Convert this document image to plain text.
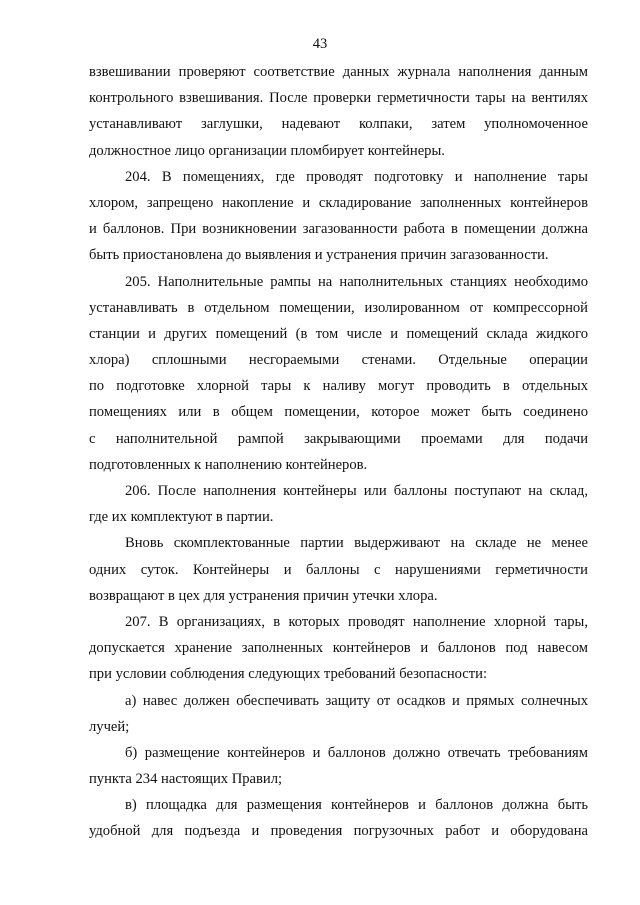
43
взвешивании проверяют соответствие данных журнала наполнения данным
контрольного взвешивания. После проверки герметичности тары на вентилях
устанавливают заглушки, надевают колпаки, затем уполномоченное
должностное лицо организации пломбирует контейнеры.
204. В помещениях, где проводят подготовку и наполнение тары
хлором, запрещено накопление и складирование заполненных контейнеров
и баллонов. При возникновении загазованности работа в помещении должна
быть приостановлена до выявления и устранения причин загазованности.
205. Наполнительные рампы на наполнительных станциях необходимо
устанавливать в отдельном помещении, изолированном от компрессорной
станции и других помещений (в том числе и помещений склада жидкого
хлора) сплошными несгораемыми стенами. Отдельные операции
по подготовке хлорной тары к наливу могут проводить в отдельных
помещениях или в общем помещении, которое может быть соединено
с наполнительной рампой закрывающими проемами для подачи
подготовленных к наполнению контейнеров.
206. После наполнения контейнеры или баллоны поступают на склад,
где их комплектуют в партии.
Вновь скомплектованные партии выдерживают на складе не менее
одних суток. Контейнеры и баллоны с нарушениями герметичности
возвращают в цех для устранения причин утечки хлора.
207. В организациях, в которых проводят наполнение хлорной тары,
допускается хранение заполненных контейнеров и баллонов под навесом
при условии соблюдения следующих требований безопасности:
а) навес должен обеспечивать защиту от осадков и прямых солнечных
лучей;
б) размещение контейнеров и баллонов должно отвечать требованиям
пункта 234 настоящих Правил;
в) площадка для размещения контейнеров и баллонов должна быть
удобной для подъезда и проведения погрузочных работ и оборудована
